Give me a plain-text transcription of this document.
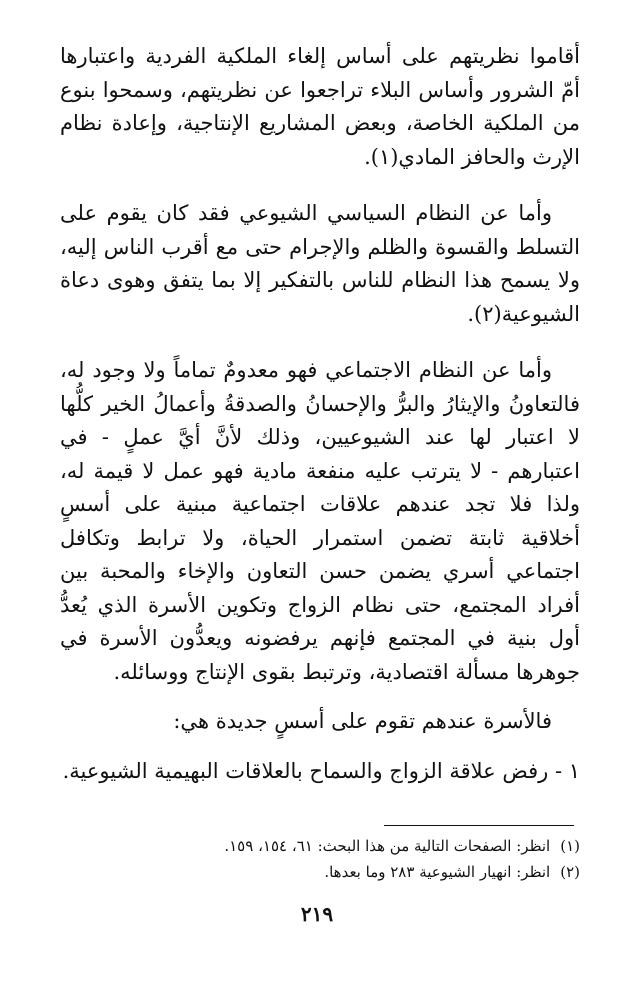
أقاموا نظريتهم على أساس إلغاء الملكية الفردية واعتبارها أمّ الشرور وأساس البلاء تراجعوا عن نظريتهم، وسمحوا بنوع من الملكية الخاصة، وبعض المشاريع الإنتاجية، وإعادة نظام الإرث والحافز المادي(١).

وأما عن النظام السياسي الشيوعي فقد كان يقوم على التسلط والقسوة والظلم والإجرام حتى مع أقرب الناس إليه، ولا يسمح هذا النظام للناس بالتفكير إلا بما يتفق وهوى دعاة الشيوعية(٢).

وأما عن النظام الاجتماعي فهو معدومٌ تماماً ولا وجود له، فالتعاونُ والإيثارُ والبرُّ والإحسانُ والصدقةُ وأعمالُ الخير كلُّها لا اعتبار لها عند الشيوعيين، وذلك لأنَّ أيَّ عملٍ - في اعتبارهم - لا يترتب عليه منفعة مادية فهو عمل لا قيمة له، ولذا فلا تجد عندهم علاقات اجتماعية مبنية على أسسٍ أخلاقية ثابتة تضمن استمرار الحياة، ولا ترابط وتكافل اجتماعي أسري يضمن حسن التعاون والإخاء والمحبة بين أفراد المجتمع، حتى نظام الزواج وتكوين الأسرة الذي يُعدُّ أول بنية في المجتمع فإنهم يرفضونه ويعدُّون الأسرة في جوهرها مسألة اقتصادية، وترتبط بقوى الإنتاج ووسائله.

فالأسرة عندهم تقوم على أسسٍ جديدة هي:

١ - رفض علاقة الزواج والسماح بالعلاقات البهيمية الشيوعية.

(١)انظر: الصفحات التالية من هذا البحث: ٦١، ١٥٤، ١٥٩.

(٢)انظر: انهيار الشيوعية ٢٨٣ وما بعدها.

٢١٩
